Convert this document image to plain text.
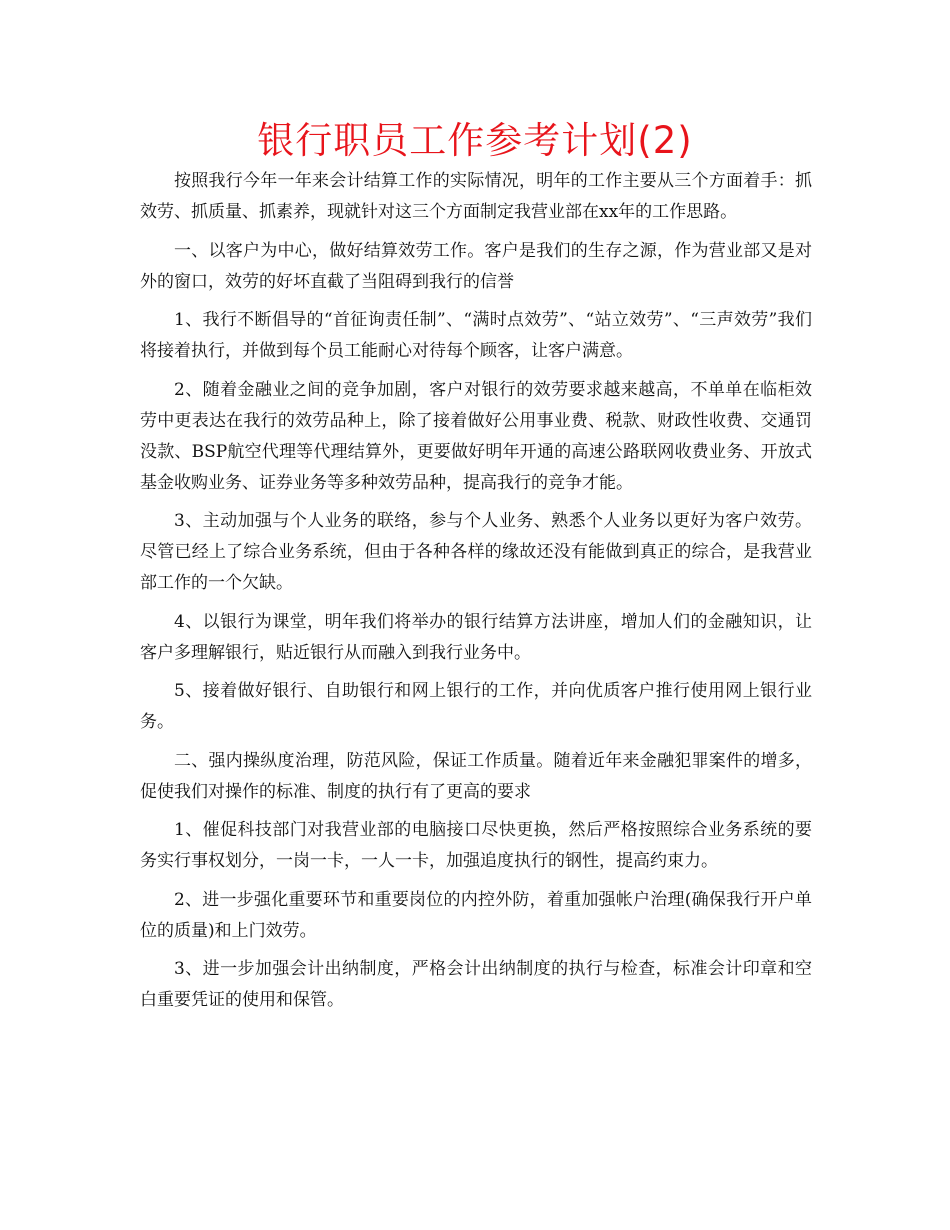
银行职员工作参考计划(2)

按照我行今年一年来会计结算工作的实际情况，明年的工作主要从三个方面着手：抓效劳、抓质量、抓素养，现就针对这三个方面制定我营业部在xx年的工作思路。

一、以客户为中心，做好结算效劳工作。客户是我们的生存之源，作为营业部又是对外的窗口，效劳的好坏直截了当阻碍到我行的信誉

1、我行不断倡导的“首征询责任制”、“满时点效劳”、“站立效劳”、“三声效劳”我们将接着执行，并做到每个员工能耐心对待每个顾客，让客户满意。

2、随着金融业之间的竞争加剧，客户对银行的效劳要求越来越高，不单单在临柜效劳中更表达在我行的效劳品种上，除了接着做好公用事业费、税款、财政性收费、交通罚没款、BSP航空代理等代理结算外，更要做好明年开通的高速公路联网收费业务、开放式基金收购业务、证券业务等多种效劳品种，提高我行的竞争才能。

3、主动加强与个人业务的联络，参与个人业务、熟悉个人业务以更好为客户效劳。尽管已经上了综合业务系统，但由于各种各样的缘故还没有能做到真正的综合，是我营业部工作的一个欠缺。

4、以银行为课堂，明年我们将举办的银行结算方法讲座，增加人们的金融知识，让客户多理解银行，贴近银行从而融入到我行业务中。

5、接着做好银行、自助银行和网上银行的工作，并向优质客户推行使用网上银行业务。

二、强内操纵度治理，防范风险，保证工作质量。随着近年来金融犯罪案件的增多，促使我们对操作的标准、制度的执行有了更高的要求

1、催促科技部门对我营业部的电脑接口尽快更换，然后严格按照综合业务系统的要务实行事权划分，一岗一卡，一人一卡，加强追度执行的钢性，提高约束力。

2、进一步强化重要环节和重要岗位的内控外防，着重加强帐户治理(确保我行开户单位的质量)和上门效劳。

3、进一步加强会计出纳制度，严格会计出纳制度的执行与检查，标准会计印章和空白重要凭证的使用和保管。
